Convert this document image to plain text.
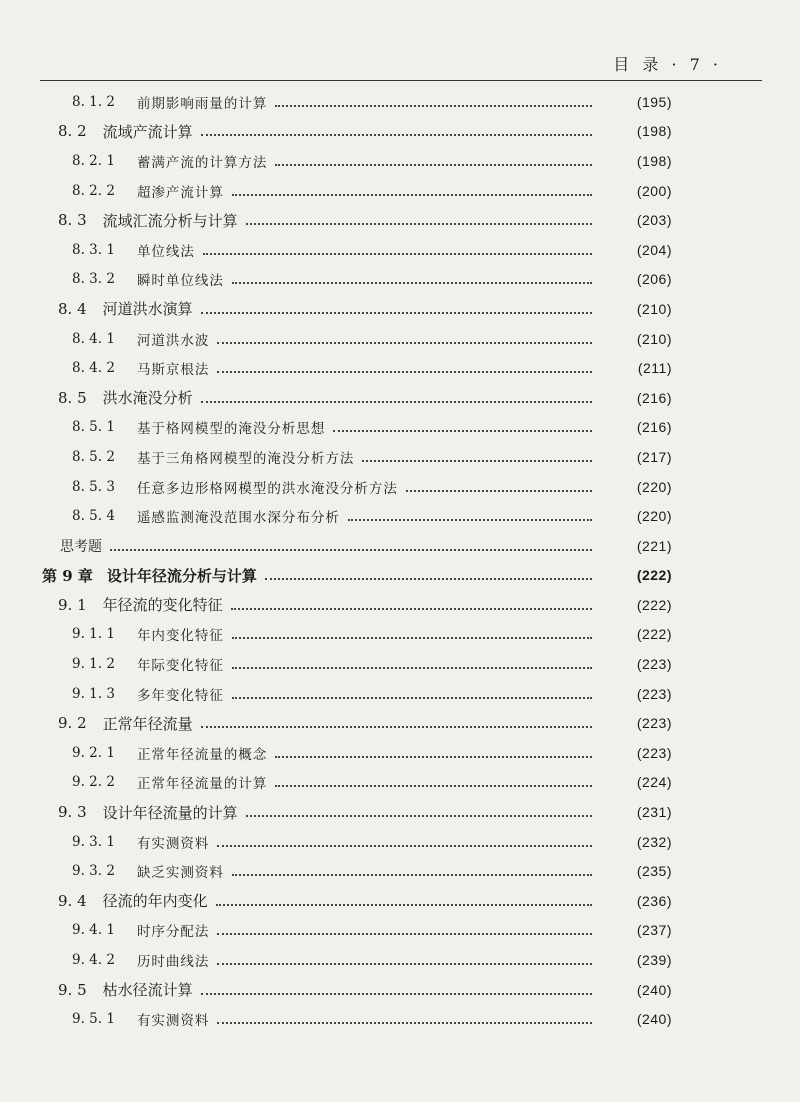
目 录 · 7 ·
8. 1. 2 前期影响雨量的计算	(195)
8. 2 流域产流计算	(198)
8. 2. 1 蓄满产流的计算方法	(198)
8. 2. 2 超渗产流计算	(200)
8. 3 流域汇流分析与计算	(203)
8. 3. 1 单位线法	(204)
8. 3. 2 瞬时单位线法	(206)
8. 4 河道洪水演算	(210)
8. 4. 1 河道洪水波	(210)
8. 4. 2 马斯京根法	(211)
8. 5 洪水淹没分析	(216)
8. 5. 1 基于格网模型的淹没分析思想	(216)
8. 5. 2 基于三角格网模型的淹没分析方法	(217)
8. 5. 3 任意多边形格网模型的洪水淹没分析方法	(220)
8. 5. 4 遥感监测淹没范围水深分布分析	(220)
思考题	(221)
第 9 章 设计年径流分析与计算	(222)
9. 1 年径流的变化特征	(222)
9. 1. 1 年内变化特征	(222)
9. 1. 2 年际变化特征	(223)
9. 1. 3 多年变化特征	(223)
9. 2 正常年径流量	(223)
9. 2. 1 正常年径流量的概念	(223)
9. 2. 2 正常年径流量的计算	(224)
9. 3 设计年径流量的计算	(231)
9. 3. 1 有实测资料	(232)
9. 3. 2 缺乏实测资料	(235)
9. 4 径流的年内变化	(236)
9. 4. 1 时序分配法	(237)
9. 4. 2 历时曲线法	(239)
9. 5 枯水径流计算	(240)
9. 5. 1 有实测资料	(240)
